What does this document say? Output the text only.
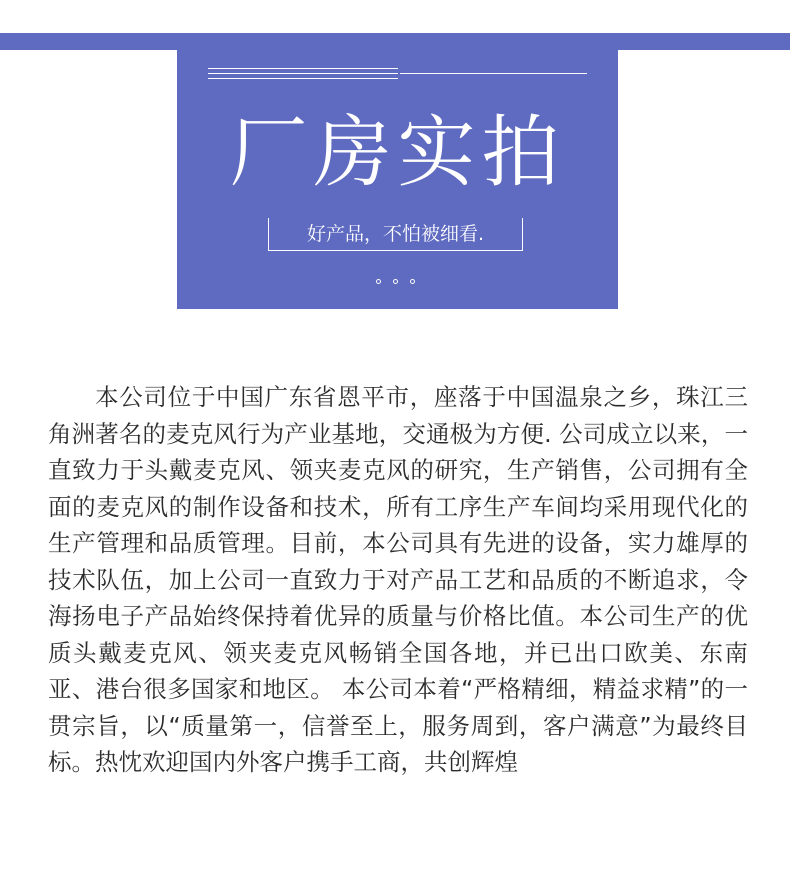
厂房实拍
好产品，不怕被细看.

本公司位于中国广东省恩平市，座落于中国温泉之乡，珠江三角洲著名的麦克风行为产业基地，交通极为方便. 公司成立以来，一直致力于头戴麦克风、领夹麦克风的研究，生产销售，公司拥有全面的麦克风的制作设备和技术，所有工序生产车间均采用现代化的生产管理和品质管理。目前，本公司具有先进的设备，实力雄厚的技术队伍，加上公司一直致力于对产品工艺和品质的不断追求，令海扬电子产品始终保持着优异的质量与价格比值。本公司生产的优质头戴麦克风、领夹麦克风畅销全国各地，并已出口欧美、东南亚、港台很多国家和地区。 本公司本着“严格精细，精益求精”的一贯宗旨，以“质量第一，信誉至上，服务周到，客户满意”为最终目标。热忱欢迎国内外客户携手工商，共创辉煌
